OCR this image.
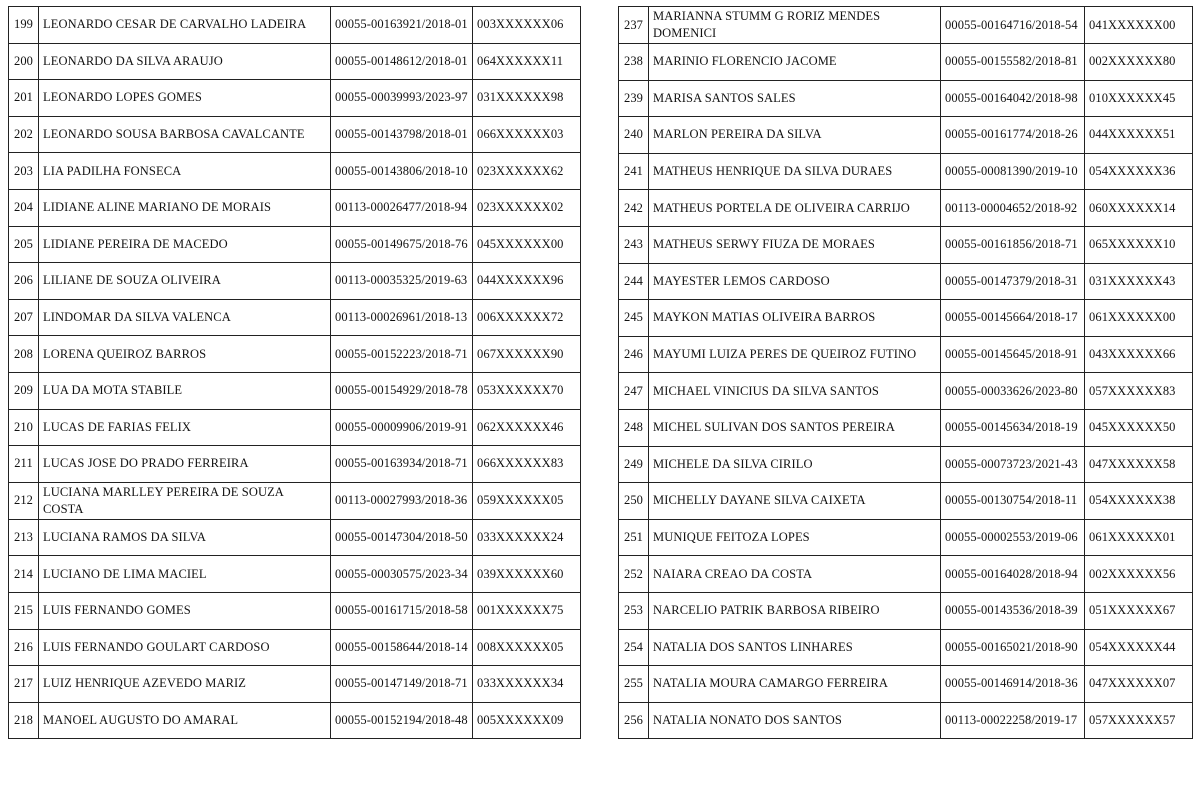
199	LEONARDO CESAR DE CARVALHO LADEIRA	00055-00163921/2018-01	003XXXXXX06
200	LEONARDO DA SILVA ARAUJO	00055-00148612/2018-01	064XXXXXX11
201	LEONARDO LOPES GOMES	00055-00039993/2023-97	031XXXXXX98
202	LEONARDO SOUSA BARBOSA CAVALCANTE	00055-00143798/2018-01	066XXXXXX03
203	LIA PADILHA FONSECA	00055-00143806/2018-10	023XXXXXX62
204	LIDIANE ALINE MARIANO DE MORAIS	00113-00026477/2018-94	023XXXXXX02
205	LIDIANE PEREIRA DE MACEDO	00055-00149675/2018-76	045XXXXXX00
206	LILIANE DE SOUZA OLIVEIRA	00113-00035325/2019-63	044XXXXXX96
207	LINDOMAR DA SILVA VALENCA	00113-00026961/2018-13	006XXXXXX72
208	LORENA QUEIROZ BARROS	00055-00152223/2018-71	067XXXXXX90
209	LUA DA MOTA STABILE	00055-00154929/2018-78	053XXXXXX70
210	LUCAS DE FARIAS FELIX	00055-00009906/2019-91	062XXXXXX46
211	LUCAS JOSE DO PRADO FERREIRA	00055-00163934/2018-71	066XXXXXX83
212	LUCIANA MARLLEY PEREIRA DE SOUZA COSTA	00113-00027993/2018-36	059XXXXXX05
213	LUCIANA RAMOS DA SILVA	00055-00147304/2018-50	033XXXXXX24
214	LUCIANO DE LIMA MACIEL	00055-00030575/2023-34	039XXXXXX60
215	LUIS FERNANDO GOMES	00055-00161715/2018-58	001XXXXXX75
216	LUIS FERNANDO GOULART CARDOSO	00055-00158644/2018-14	008XXXXXX05
217	LUIZ HENRIQUE AZEVEDO MARIZ	00055-00147149/2018-71	033XXXXXX34
218	MANOEL AUGUSTO DO AMARAL	00055-00152194/2018-48	005XXXXXX09
237	MARIANNA STUMM G RORIZ MENDES DOMENICI	00055-00164716/2018-54	041XXXXXX00
238	MARINIO FLORENCIO JACOME	00055-00155582/2018-81	002XXXXXX80
239	MARISA SANTOS SALES	00055-00164042/2018-98	010XXXXXX45
240	MARLON PEREIRA DA SILVA	00055-00161774/2018-26	044XXXXXX51
241	MATHEUS HENRIQUE DA SILVA DURAES	00055-00081390/2019-10	054XXXXXX36
242	MATHEUS PORTELA DE OLIVEIRA CARRIJO	00113-00004652/2018-92	060XXXXXX14
243	MATHEUS SERWY FIUZA DE MORAES	00055-00161856/2018-71	065XXXXXX10
244	MAYESTER LEMOS CARDOSO	00055-00147379/2018-31	031XXXXXX43
245	MAYKON MATIAS OLIVEIRA BARROS	00055-00145664/2018-17	061XXXXXX00
246	MAYUMI LUIZA PERES DE QUEIROZ FUTINO	00055-00145645/2018-91	043XXXXXX66
247	MICHAEL VINICIUS DA SILVA SANTOS	00055-00033626/2023-80	057XXXXXX83
248	MICHEL SULIVAN DOS SANTOS PEREIRA	00055-00145634/2018-19	045XXXXXX50
249	MICHELE DA SILVA CIRILO	00055-00073723/2021-43	047XXXXXX58
250	MICHELLY DAYANE SILVA CAIXETA	00055-00130754/2018-11	054XXXXXX38
251	MUNIQUE FEITOZA LOPES	00055-00002553/2019-06	061XXXXXX01
252	NAIARA CREAO DA COSTA	00055-00164028/2018-94	002XXXXXX56
253	NARCELIO PATRIK BARBOSA RIBEIRO	00055-00143536/2018-39	051XXXXXX67
254	NATALIA DOS SANTOS LINHARES	00055-00165021/2018-90	054XXXXXX44
255	NATALIA MOURA CAMARGO FERREIRA	00055-00146914/2018-36	047XXXXXX07
256	NATALIA NONATO DOS SANTOS	00113-00022258/2019-17	057XXXXXX57
